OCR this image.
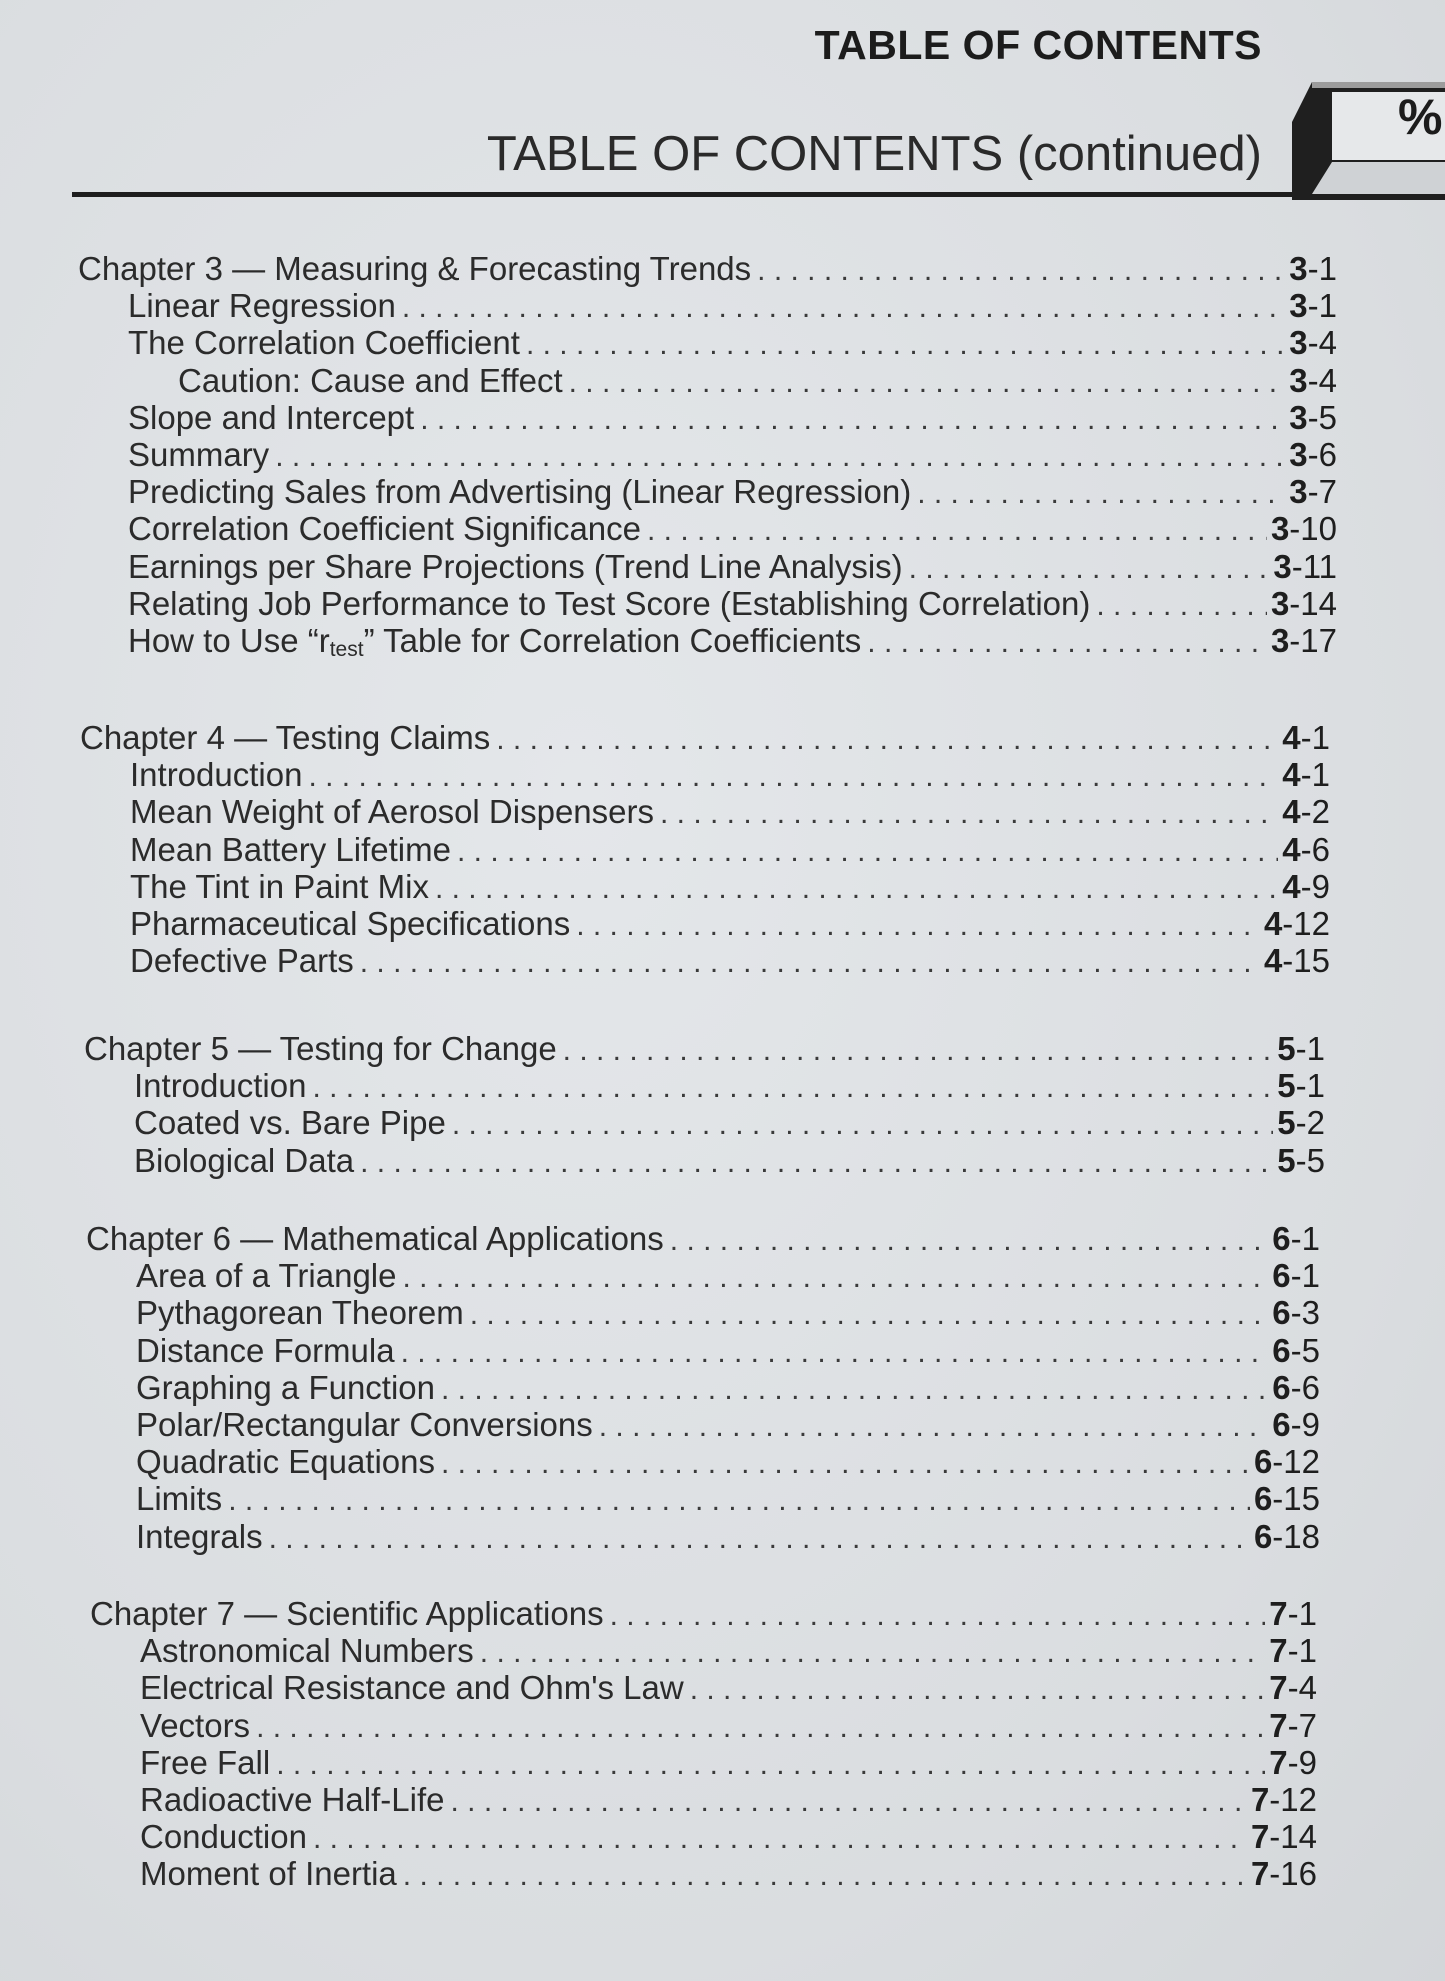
TABLE OF CONTENTS
TABLE OF CONTENTS (continued)
%
Chapter 3 — Measuring & Forecasting Trends . . .	3-1
Linear Regression . . .	3-1
The Correlation Coefficient . . .	3-4
Caution: Cause and Effect . . .	3-4
Slope and Intercept . . .	3-5
Summary . . .	3-6
Predicting Sales from Advertising (Linear Regression) . . .	3-7
Correlation Coefficient Significance . . .	3-10
Earnings per Share Projections (Trend Line Analysis) . . .	3-11
Relating Job Performance to Test Score (Establishing Correlation) . . .	3-14
How to Use “$r_{test}$” Table for Correlation Coefficients . . .	3-17
Chapter 4 — Testing Claims . . .	4-1
Introduction . . .	4-1
Mean Weight of Aerosol Dispensers . . .	4-2
Mean Battery Lifetime . . .	4-6
The Tint in Paint Mix . . .	4-9
Pharmaceutical Specifications . . .	4-12
Defective Parts . . .	4-15
Chapter 5 — Testing for Change . . .	5-1
Introduction . . .	5-1
Coated vs. Bare Pipe . . .	5-2
Biological Data . . .	5-5
Chapter 6 — Mathematical Applications . . .	6-1
Area of a Triangle . . .	6-1
Pythagorean Theorem . . .	6-3
Distance Formula . . .	6-5
Graphing a Function . . .	6-6
Polar/Rectangular Conversions . . .	6-9
Quadratic Equations . . .	6-12
Limits . . .	6-15
Integrals . . .	6-18
Chapter 7 — Scientific Applications . . .	7-1
Astronomical Numbers . . .	7-1
Electrical Resistance and Ohm's Law . . .	7-4
Vectors . . .	7-7
Free Fall . . .	7-9
Radioactive Half-Life . . .	7-12
Conduction . . .	7-14
Moment of Inertia . . .	7-16
